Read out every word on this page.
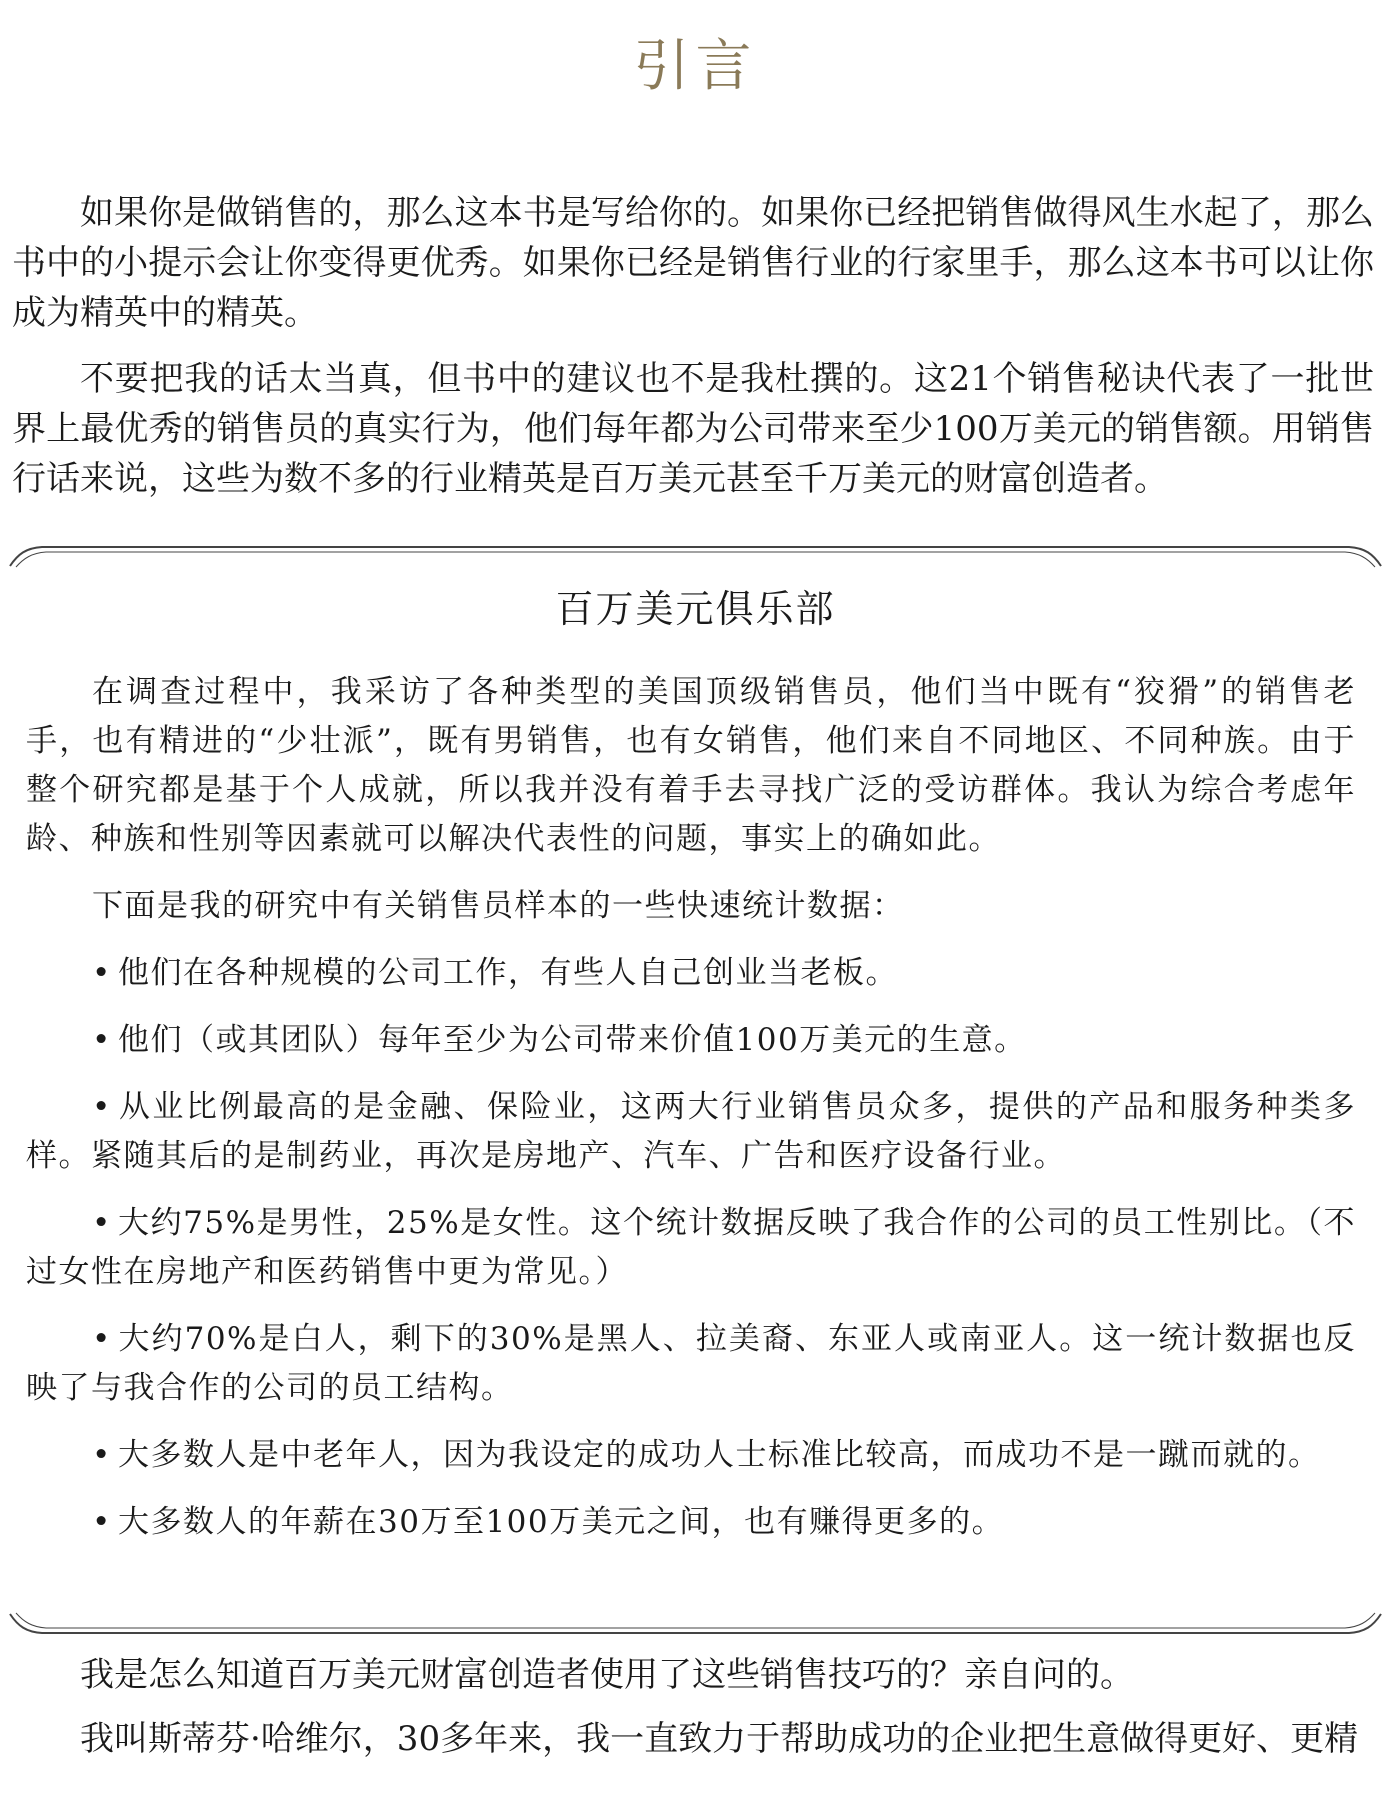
引言

如果你是做销售的，那么这本书是写给你的。如果你已经把销售做得风生水起了，那么书中的小提示会让你变得更优秀。如果你已经是销售行业的行家里手，那么这本书可以让你成为精英中的精英。

不要把我的话太当真，但书中的建议也不是我杜撰的。这21个销售秘诀代表了一批世界上最优秀的销售员的真实行为，他们每年都为公司带来至少100万美元的销售额。用销售行话来说，这些为数不多的行业精英是百万美元甚至千万美元的财富创造者。

百万美元俱乐部

在调查过程中，我采访了各种类型的美国顶级销售员，他们当中既有“狡猾”的销售老手，也有精进的“少壮派”，既有男销售，也有女销售，他们来自不同地区、不同种族。由于整个研究都是基于个人成就，所以我并没有着手去寻找广泛的受访群体。我认为综合考虑年龄、种族和性别等因素就可以解决代表性的问题，事实上的确如此。

下面是我的研究中有关销售员样本的一些快速统计数据：

• 他们在各种规模的公司工作，有些人自己创业当老板。

• 他们（或其团队）每年至少为公司带来价值100万美元的生意。

• 从业比例最高的是金融、保险业，这两大行业销售员众多，提供的产品和服务种类多样。紧随其后的是制药业，再次是房地产、汽车、广告和医疗设备行业。

• 大约75%是男性，25%是女性。这个统计数据反映了我合作的公司的员工性别比。（不过女性在房地产和医药销售中更为常见。）

• 大约70%是白人，剩下的30%是黑人、拉美裔、东亚人或南亚人。这一统计数据也反映了与我合作的公司的员工结构。

• 大多数人是中老年人，因为我设定的成功人士标准比较高，而成功不是一蹴而就的。

• 大多数人的年薪在30万至100万美元之间，也有赚得更多的。

我是怎么知道百万美元财富创造者使用了这些销售技巧的？亲自问的。

我叫斯蒂芬·哈维尔，30多年来，我一直致力于帮助成功的企业把生意做得更好、更精
